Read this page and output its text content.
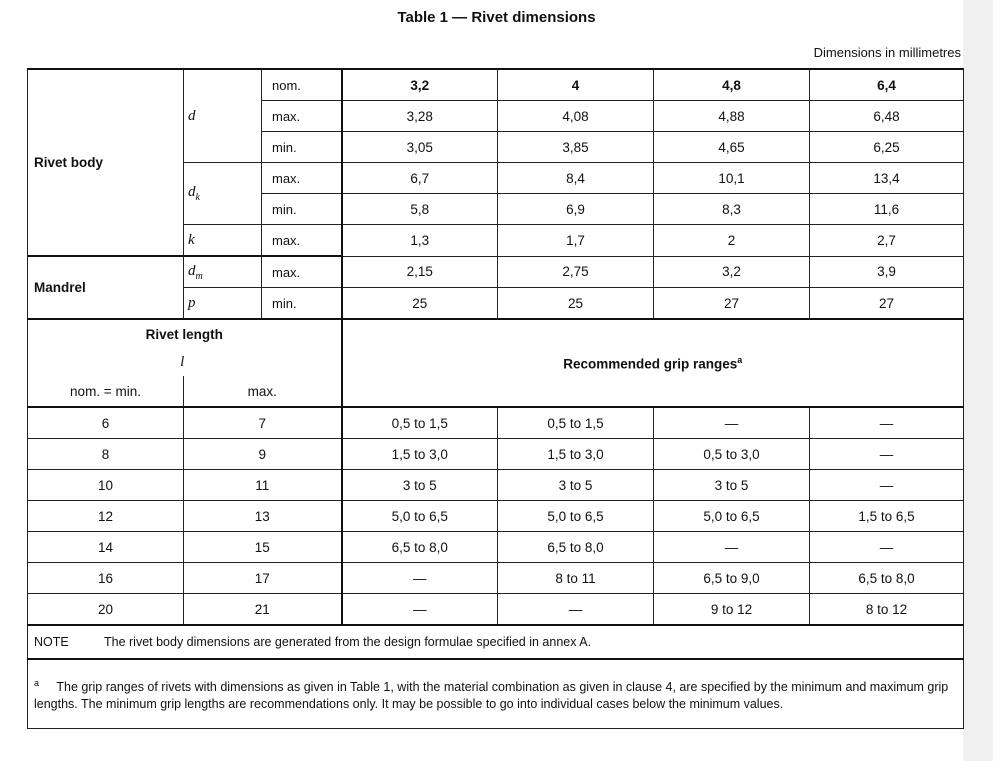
Table 1 — Rivet dimensions
Dimensions in millimetres
Rivet body	d	nom.	3,2	4	4,8	6,4
		max.	3,28	4,08	4,88	6,48
		min.	3,05	3,85	4,65	6,25
	$d_k$	max.	6,7	8,4	10,1	13,4
		min.	5,8	6,9	8,3	11,6
	k	max.	1,3	1,7	2	2,7
Mandrel	$d_m$	max.	2,15	2,75	3,2	3,9
	p	min.	25	25	27	27
Rivet length			Recommended grip ranges$^a$
l						
nom. = min.	max.					
6	7		0,5 to 1,5	0,5 to 1,5	—	—
8	9		1,5 to 3,0	1,5 to 3,0	0,5 to 3,0	—
10	11		3 to 5	3 to 5	3 to 5	—
12	13		5,0 to 6,5	5,0 to 6,5	5,0 to 6,5	1,5 to 6,5
14	15		6,5 to 8,0	6,5 to 8,0	—	—
16	17		—	8 to 11	6,5 to 9,0	6,5 to 8,0
20	21		—	—	9 to 12	8 to 12
NOTE The rivet body dimensions are generated from the design formulae specified in annex A.						
$^a$ The grip ranges of rivets with dimensions as given in Table 1, with the material combination as given in clause 4, are specified by the minimum and maximum grip lengths. The minimum grip lengths are recommendations only. It may be possible to go into individual cases below the minimum values.						
